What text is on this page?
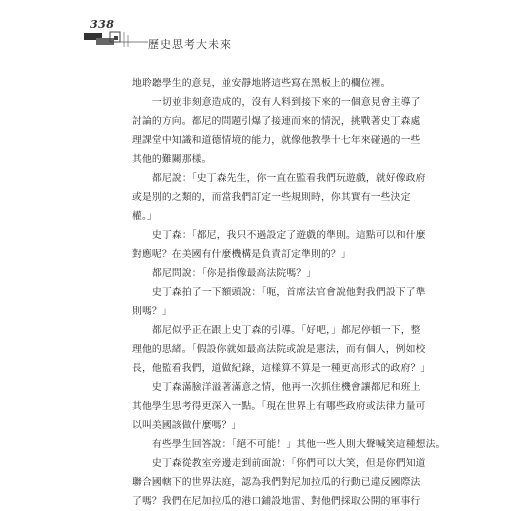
338
歷史思考大未來
地聆聽學生的意見，並安靜地將這些寫在黑板上的欄位裡。
一切並非刻意造成的，沒有人料到接下來的一個意見會主導了
討論的方向。都尼的問題引爆了接連而來的情況，挑戰著史丁森處
理課堂中知識和道德情境的能力，就像他教學十七年來碰過的一些
其他的難關那樣。
都尼說：「史丁森先生，你一直在監看我們玩遊戲，就好像政府
或是別的之類的，而當我們訂定一些規則時，你其實有一些決定
權。」
史丁森：「都尼，我只不過設定了遊戲的準則。這點可以和什麼
對應呢？在美國有什麼機構是負責訂定準則的？」
都尼問說：「你是指像最高法院嗎？」
史丁森拍了一下額頭說：「呃，首席法官會說他對我們設下了準
則嗎？」
都尼似乎正在跟上史丁森的引導。「好吧，」都尼停頓一下，整
理他的思緒。「假設你就如最高法院或說是憲法，而有個人，例如校
長，他監看我們，道做紀錄，這樣算不算是一種更高形式的政府？」
史丁森滿臉洋溢著滿意之情，他再一次抓住機會讓都尼和班上
其他學生思考得更深入一點。「現在世界上有哪些政府或法律力量可
以叫美國該做什麼嗎？」
有些學生回答說：「絕不可能！」其他一些人則大聲喊笑這種想法。
史丁森從教室旁邊走到前面說：「你們可以大笑，但是你們知道
聯合國轄下的世界法庭，認為我們對尼加拉瓜的行動已違反國際法
了嗎？我們在尼加拉瓜的港口鋪設地雷、對他們採取公開的軍事行
